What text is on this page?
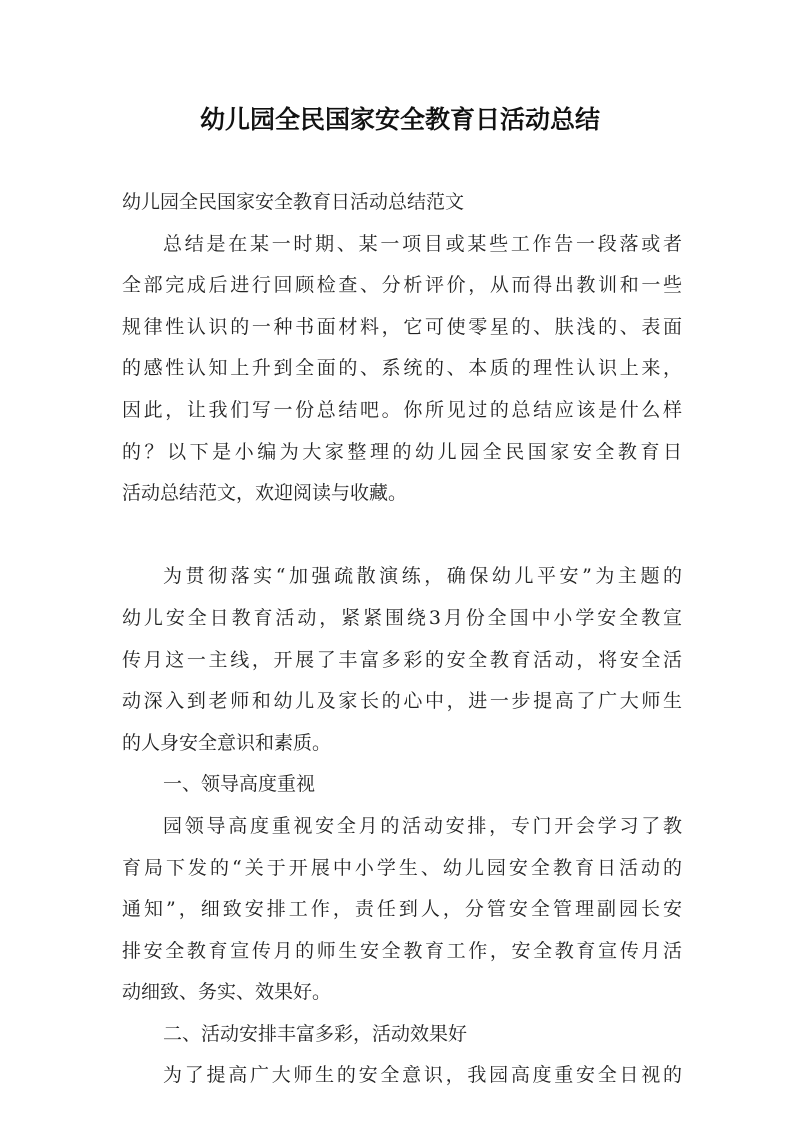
幼儿园全民国家安全教育日活动总结
幼儿园全民国家安全教育日活动总结范文
总结是在某一时期、某一项目或某些工作告一段落或者
全部完成后进行回顾检查、分析评价，从而得出教训和一些
规律性认识的一种书面材料，它可使零星的、肤浅的、表面
的感性认知上升到全面的、系统的、本质的理性认识上来，
因此，让我们写一份总结吧。你所见过的总结应该是什么样
的？以下是小编为大家整理的幼儿园全民国家安全教育日
活动总结范文，欢迎阅读与收藏。
为贯彻落实“加强疏散演练，确保幼儿平安”为主题的
幼儿安全日教育活动，紧紧围绕3月份全国中小学安全教宣
传月这一主线，开展了丰富多彩的安全教育活动，将安全活
动深入到老师和幼儿及家长的心中，进一步提高了广大师生
的人身安全意识和素质。
一、领导高度重视
园领导高度重视安全月的活动安排，专门开会学习了教
育局下发的“关于开展中小学生、幼儿园安全教育日活动的
通知”，细致安排工作，责任到人，分管安全管理副园长安
排安全教育宣传月的师生安全教育工作，安全教育宣传月活
动细致、务实、效果好。
二、活动安排丰富多彩，活动效果好
为了提高广大师生的安全意识，我园高度重安全日视的
